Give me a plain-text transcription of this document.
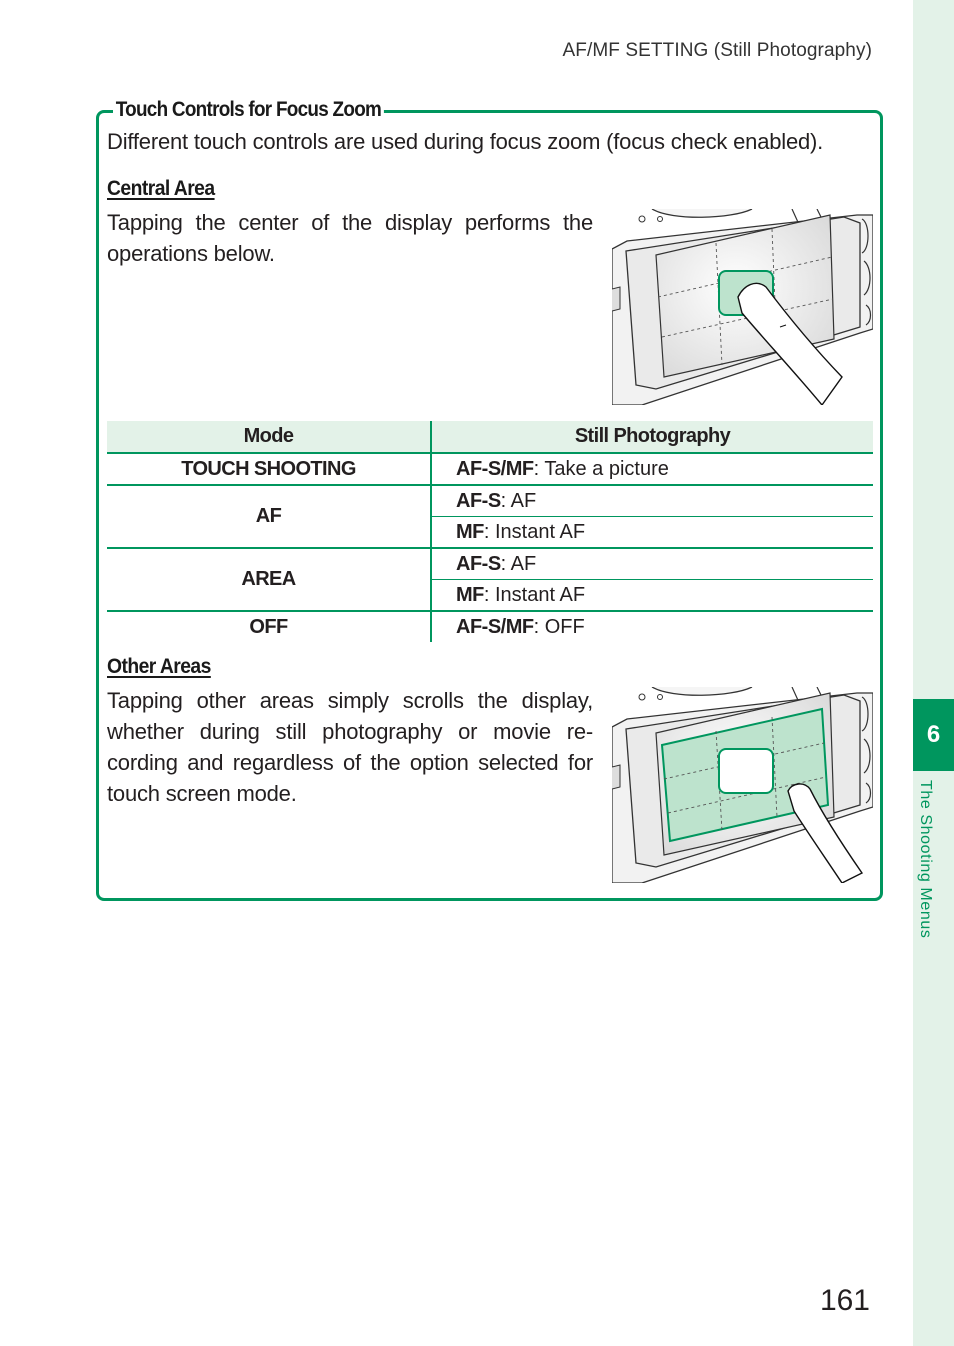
6
The Shooting Menus
AF/MF SETTING (Still Photography)
Touch Controls for Focus Zoom
Different touch controls are used during focus zoom (focus check enabled).
Central Area
Tapping the center of the display performs the operations below.
Mode	Still Photography
TOUCH SHOOTING	AF-S/MF: Take a picture
AF	AF-S: AF
	MF: Instant AF
AREA	AF-S: AF
	MF: Instant AF
OFF	AF-S/MF: OFF
Other Areas
Tapping other areas simply scrolls the display, whether during still photography or movie re-cording and regardless of the option selected for touch screen mode.
161
